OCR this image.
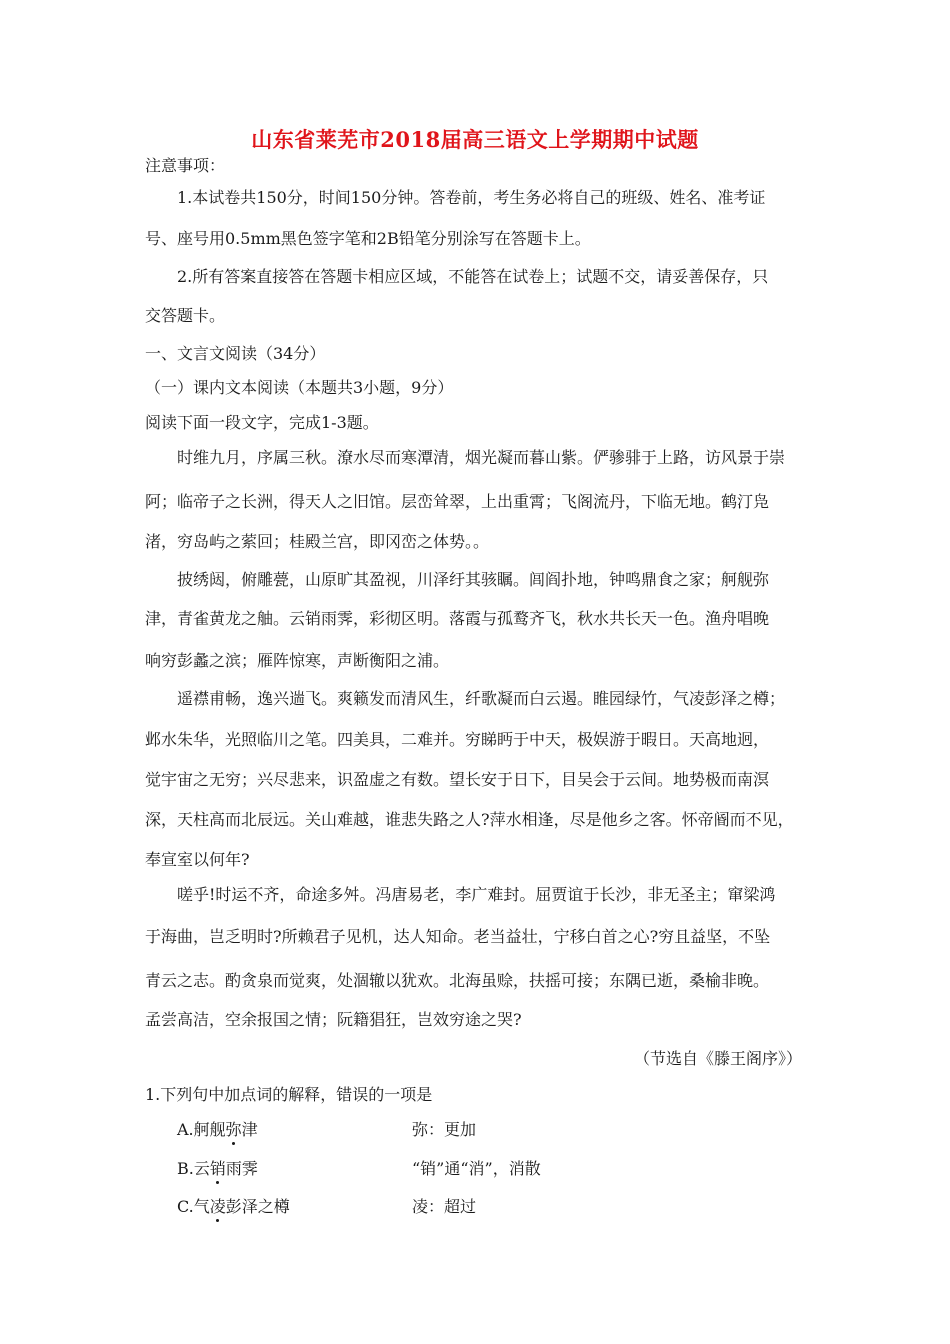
山东省莱芜市2018届高三语文上学期期中试题
注意事项：
1.本试卷共150分，时间150分钟。答卷前，考生务必将自己的班级、姓名、准考证
号、座号用0.5mm黑色签字笔和2B铅笔分别涂写在答题卡上。
2.所有答案直接答在答题卡相应区域，不能答在试卷上；试题不交，请妥善保存，只
交答题卡。
一、文言文阅读（34分）
（一）课内文本阅读（本题共3小题，9分）
阅读下面一段文字，完成1-3题。
时维九月，序属三秋。潦水尽而寒潭清，烟光凝而暮山紫。俨骖𬴂于上路，访风景于崇
阿；临帝子之长洲，得天人之旧馆。层峦耸翠，上出重霄；飞阁流丹，下临无地。鹤汀凫
渚，穷岛屿之萦回；桂殿兰宫，即冈峦之体势。。
披绣闼，俯雕甍，山原旷其盈视，川泽纡其骇瞩。闾阎扑地，钟鸣鼎食之家；舸舰弥
津，青雀黄龙之舳。云销雨霁，彩彻区明。落霞与孤鹜齐飞，秋水共长天一色。渔舟唱晚
响穷彭蠡之滨；雁阵惊寒，声断衡阳之浦。
遥襟甫畅，逸兴遄飞。爽籁发而清风生，纤歌凝而白云遏。睢园绿竹，气凌彭泽之樽；
邺水朱华，光照临川之笔。四美具，二难并。穷睇眄于中天，极娱游于暇日。天高地迥，
觉宇宙之无穷；兴尽悲来，识盈虚之有数。望长安于日下，目吴会于云间。地势极而南溟
深，天柱高而北辰远。关山难越，谁悲失路之人?萍水相逢，尽是他乡之客。怀帝阍而不见，
奉宣室以何年?
嗟乎!时运不齐，命途多舛。冯唐易老，李广难封。屈贾谊于长沙，非无圣主；窜梁鸿
于海曲，岂乏明时?所赖君子见机，达人知命。老当益壮，宁移白首之心?穷且益坚，不坠
青云之志。酌贪泉而觉爽，处涸辙以犹欢。北海虽赊，扶摇可接；东隅已逝，桑榆非晚。
孟尝高洁，空余报国之情；阮籍猖狂，岂效穷途之哭?
（节选自《滕王阁序》）
1.下列句中加点词的解释，错误的一项是
A.舸舰弥津	弥：更加
B.云销雨霁	“销”通“消”，消散
C.气凌彭泽之樽	凌：超过
